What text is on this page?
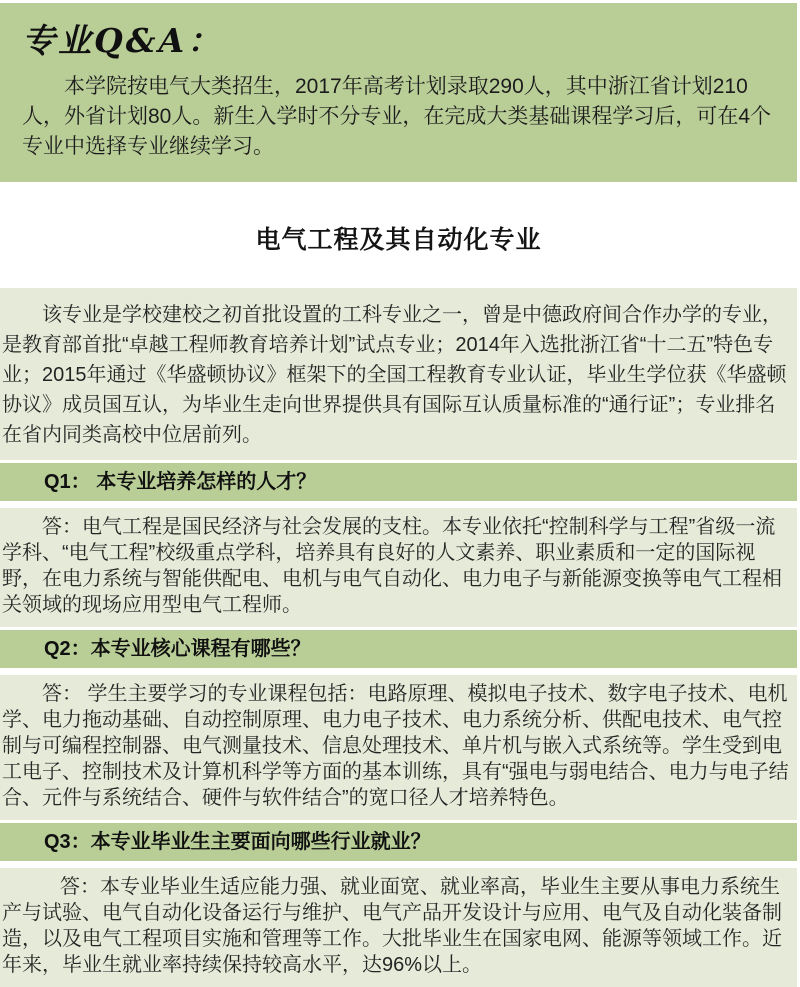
专业Q&A：

本学院按电气大类招生，2017年高考计划录取290人，其中浙江省计划210人，外省计划80人。新生入学时不分专业，在完成大类基础课程学习后，可在4个专业中选择专业继续学习。

电气工程及其自动化专业

该专业是学校建校之初首批设置的工科专业之一，曾是中德政府间合作办学的专业，是教育部首批“卓越工程师教育培养计划”试点专业；2014年入选批浙江省“十二五”特色专业；2015年通过《华盛顿协议》框架下的全国工程教育专业认证，毕业生学位获《华盛顿协议》成员国互认，为毕业生走向世界提供具有国际互认质量标准的“通行证”；专业排名在省内同类高校中位居前列。

Q1： 本专业培养怎样的人才？

答：电气工程是国民经济与社会发展的支柱。本专业依托“控制科学与工程”省级一流学科、“电气工程”校级重点学科，培养具有良好的人文素养、职业素质和一定的国际视野，在电力系统与智能供配电、电机与电气自动化、电力电子与新能源变换等电气工程相关领域的现场应用型电气工程师。

Q2：本专业核心课程有哪些？

答： 学生主要学习的专业课程包括：电路原理、模拟电子技术、数字电子技术、电机学、电力拖动基础、自动控制原理、电力电子技术、电力系统分析、供配电技术、电气控制与可编程控制器、电气测量技术、信息处理技术、单片机与嵌入式系统等。学生受到电工电子、控制技术及计算机科学等方面的基本训练，具有“强电与弱电结合、电力与电子结合、元件与系统结合、硬件与软件结合”的宽口径人才培养特色。

Q3：本专业毕业生主要面向哪些行业就业？

答：本专业毕业生适应能力强、就业面宽、就业率高，毕业生主要从事电力系统生产与试验、电气自动化设备运行与维护、电气产品开发设计与应用、电气及自动化装备制造，以及电气工程项目实施和管理等工作。大批毕业生在国家电网、能源等领域工作。近年来，毕业生就业率持续保持较高水平，达96%以上。
